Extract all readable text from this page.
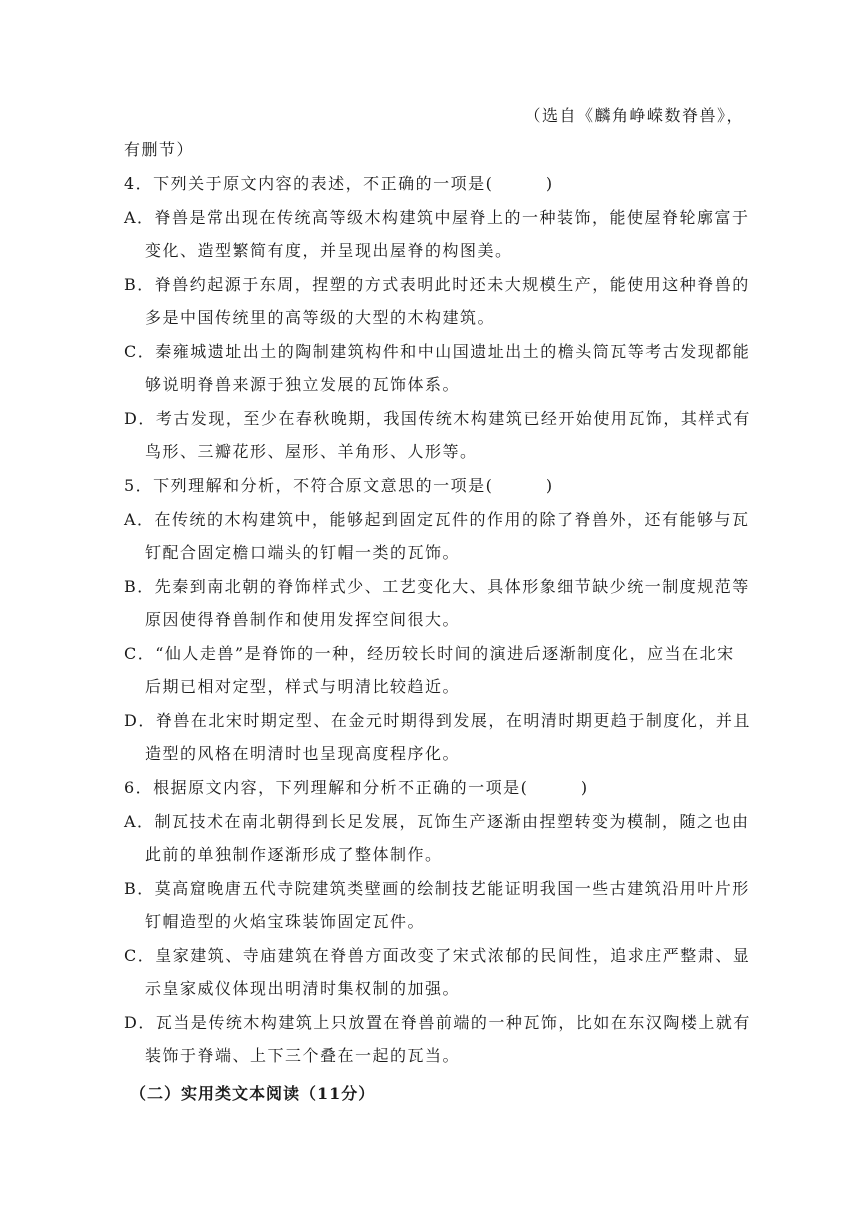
（选自《麟角峥嵘数脊兽》，
有删节）
4．下列关于原文内容的表述，不正确的一项是(　　　)
A．脊兽是常出现在传统高等级木构建筑中屋脊上的一种装饰，能使屋脊轮廓富于
变化、造型繁简有度，并呈现出屋脊的构图美。
B．脊兽约起源于东周，捏塑的方式表明此时还未大规模生产，能使用这种脊兽的
多是中国传统里的高等级的大型的木构建筑。
C．秦雍城遗址出土的陶制建筑构件和中山国遗址出土的檐头筒瓦等考古发现都能
够说明脊兽来源于独立发展的瓦饰体系。
D．考古发现，至少在春秋晚期，我国传统木构建筑已经开始使用瓦饰，其样式有
鸟形、三瓣花形、屋形、羊角形、人形等。
5．下列理解和分析，不符合原文意思的一项是(　　　)
A．在传统的木构建筑中，能够起到固定瓦件的作用的除了脊兽外，还有能够与瓦
钉配合固定檐口端头的钉帽一类的瓦饰。
B．先秦到南北朝的脊饰样式少、工艺变化大、具体形象细节缺少统一制度规范等
原因使得脊兽制作和使用发挥空间很大。
C．“仙人走兽”是脊饰的一种，经历较长时间的演进后逐渐制度化，应当在北宋
后期已相对定型，样式与明清比较趋近。
D．脊兽在北宋时期定型、在金元时期得到发展，在明清时期更趋于制度化，并且
造型的风格在明清时也呈现高度程序化。
6．根据原文内容，下列理解和分析不正确的一项是(　　　)
A．制瓦技术在南北朝得到长足发展，瓦饰生产逐渐由捏塑转变为模制，随之也由
此前的单独制作逐渐形成了整体制作。
B．莫高窟晚唐五代寺院建筑类壁画的绘制技艺能证明我国一些古建筑沿用叶片形
钉帽造型的火焰宝珠装饰固定瓦件。
C．皇家建筑、寺庙建筑在脊兽方面改变了宋式浓郁的民间性，追求庄严整肃、显
示皇家威仪体现出明清时集权制的加强。
D．瓦当是传统木构建筑上只放置在脊兽前端的一种瓦饰，比如在东汉陶楼上就有
装饰于脊端、上下三个叠在一起的瓦当。
（二）实用类文本阅读（11分）
